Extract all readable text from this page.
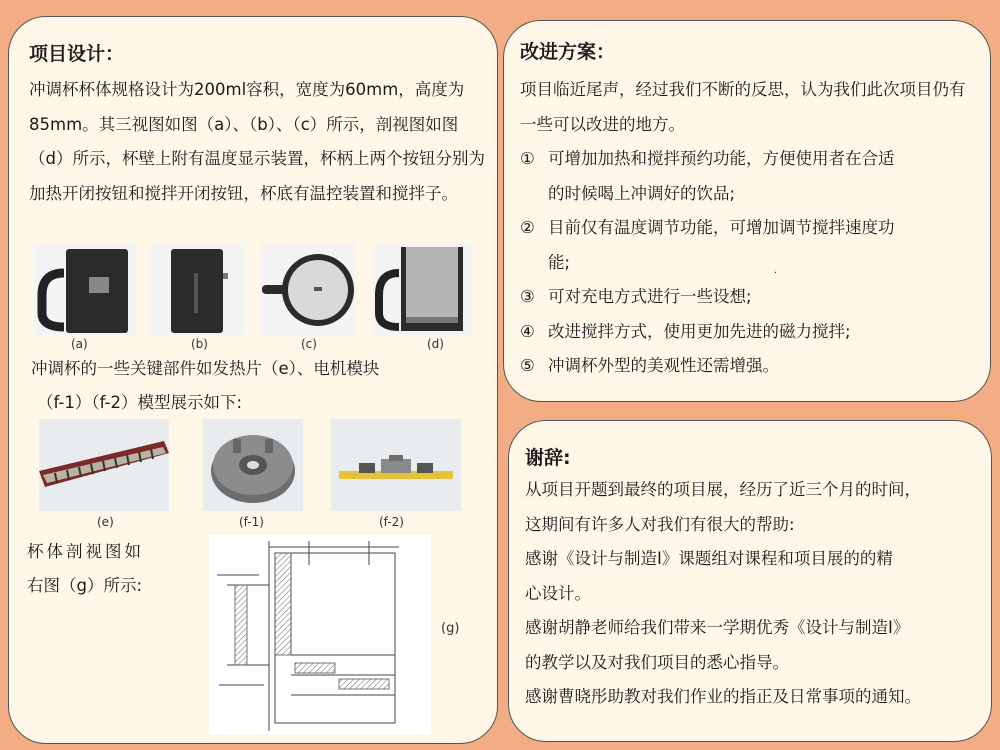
项目设计：
冲调杯杯体规格设计为200ml容积，宽度为60mm，高度为85mm。其三视图如图（a）、（b）、（c）所示，剖视图如图（d）所示，杯壁上附有温度显示装置，杯柄上两个按钮分别为加热开闭按钮和搅拌开闭按钮，杯底有温控装置和搅拌子。
(a)	(b)	(c)	(d)
冲调杯的一些关键部件如发热片（e）、电机模块
（f-1）（f-2）模型展示如下:
(e)	(f-1)	(f-2)
杯体剖视图如
右图（g）所示:
(g)
改进方案：
项目临近尾声，经过我们不断的反思，认为我们此次项目仍有一些可以改进的地方。
① 可增加加热和搅拌预约功能，方便使用者在合适
的时候喝上冲调好的饮品;
② 目前仅有温度调节功能，可增加调节搅拌速度功
能;
③ 可对充电方式进行一些设想;
④ 改进搅拌方式，使用更加先进的磁力搅拌;
⑤ 冲调杯外型的美观性还需增强。
.
谢辞:
从项目开题到最终的项目展，经历了近三个月的时间，
这期间有许多人对我们有很大的帮助:
感谢《设计与制造I》课题组对课程和项目展的的精
心设计。
感谢胡静老师给我们带来一学期优秀《设计与制造I》
的教学以及对我们项目的悉心指导。
感谢曹晓彤助教对我们作业的指正及日常事项的通知。
